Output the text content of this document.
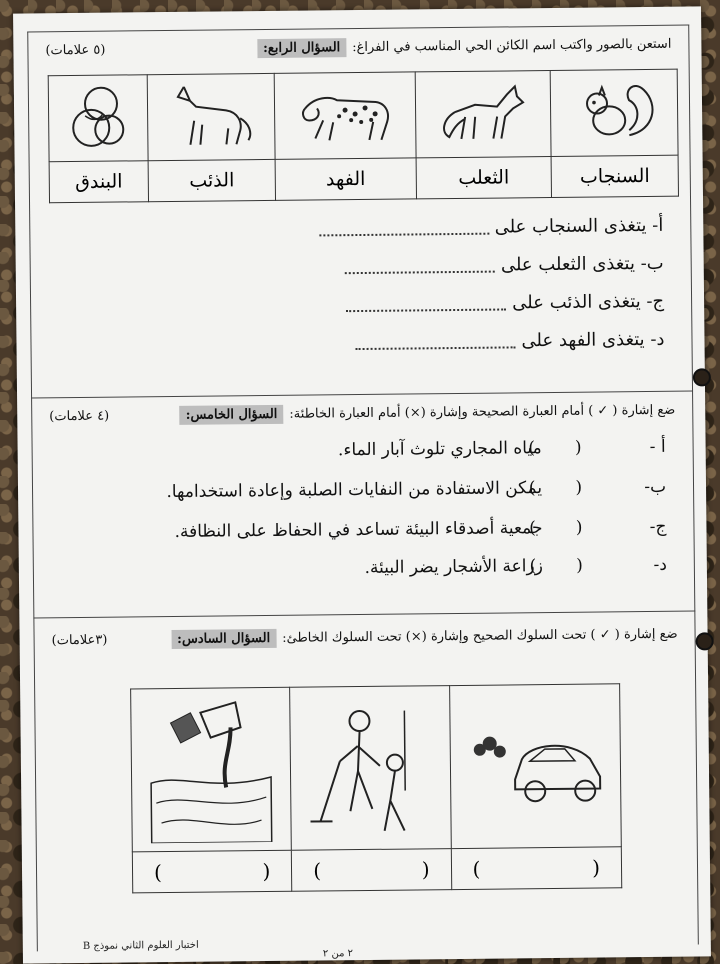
السؤال الرابع: استعن بالصور واكتب اسم الكائن الحي المناسب في الفراغ:
(٥ علامات)

السنجاب	الثعلب	الفهد	الذئب	البندق
أ- يتغذى السنجاب على
ب- يتغذى الثعلب على
ج- يتغذى الذئب على
د- يتغذى الفهد على
السؤال الخامس: ضع إشارة ( ✓ ) أمام العبارة الصحيحة وإشارة (×) أمام العبارة الخاطئة:
(٤ علامات)
أ -
()
مياه المجاري تلوث آبار الماء.
ب-
()
يمكن الاستفادة من النفايات الصلبة وإعادة استخدامها.
ج-
()
جمعية أصدقاء البيئة تساعد في الحفاظ على النظافة.
د-
()
زراعة الأشجار يضر البيئة.
السؤال السادس: ضع إشارة ( ✓ ) تحت السلوك الصحيح وإشارة (×) تحت السلوك الخاطئ:
(٣علامات)

( )	( )	( )
اختبار العلوم الثاني نموذج B
٢ من ٢
